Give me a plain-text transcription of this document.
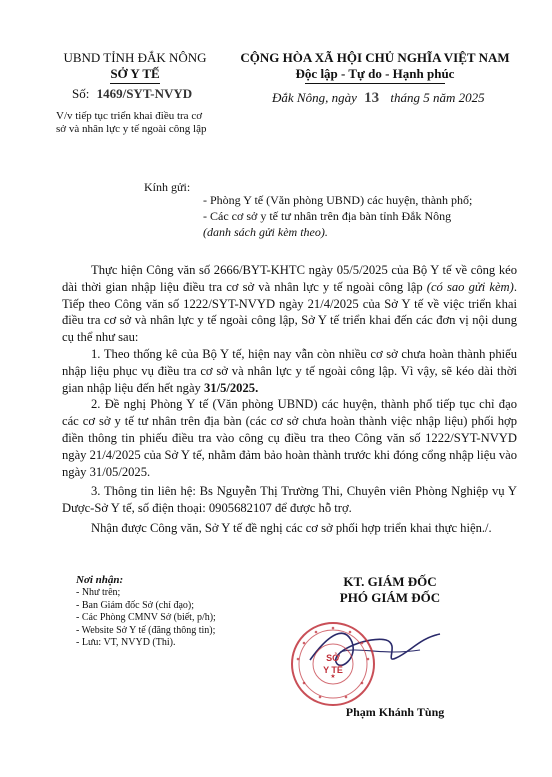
UBND TỈNH ĐẮK NÔNG
SỞ Y TẾ
Số: 1469/SYT-NVYD
V/v tiếp tục triển khai điều tra cơ
sở và nhân lực y tế ngoài công lập
CỘNG HÒA XÃ HỘI CHỦ NGHĨA VIỆT NAM
Độc lập - Tự do - Hạnh phúc
Đắk Nông, ngày 13 tháng 5 năm 2025
Kính gửi:
- Phòng Y tế (Văn phòng UBND) các huyện, thành phố;
- Các cơ sở y tế tư nhân trên địa bàn tỉnh Đắk Nông
(danh sách gửi kèm theo).

Thực hiện Công văn số 2666/BYT-KHTC ngày 05/5/2025 của Bộ Y tế về công kéo dài thời gian nhập liệu điều tra cơ sở và nhân lực y tế ngoài công lập (có sao gửi kèm). Tiếp theo Công văn số 1222/SYT-NVYD ngày 21/4/2025 của Sở Y tế về việc triển khai điều tra cơ sở và nhân lực y tế ngoài công lập, Sở Y tế triển khai đến các đơn vị nội dung cụ thể như sau:

1. Theo thống kê của Bộ Y tế, hiện nay vẫn còn nhiều cơ sở chưa hoàn thành phiếu nhập liệu phục vụ điều tra cơ sở và nhân lực y tế ngoài công lập. Vì vậy, sẽ kéo dài thời gian nhập liệu đến hết ngày 31/5/2025.

2. Đề nghị Phòng Y tế (Văn phòng UBND) các huyện, thành phố tiếp tục chỉ đạo các cơ sở y tế tư nhân trên địa bàn (các cơ sở chưa hoàn thành việc nhập liệu) phối hợp điền thông tin phiếu điều tra vào công cụ điều tra theo Công văn số 1222/SYT-NVYD ngày 21/4/2025 của Sở Y tế, nhằm đảm bảo hoàn thành trước khi đóng cổng nhập liệu vào ngày 31/05/2025.

3. Thông tin liên hệ: Bs Nguyễn Thị Trường Thi, Chuyên viên Phòng Nghiệp vụ Y Dược-Sở Y tế, số điện thoại: 0905682107 để được hỗ trợ.

Nhận được Công văn, Sở Y tế đề nghị các cơ sở phối hợp triển khai thực hiện./.

Nơi nhận:
- Như trên;
- Ban Giám đốc Sở (chỉ đạo);
- Các Phòng CMNV Sở (biết, p/h);
- Website Sở Y tế (đăng thông tin);
- Lưu: VT, NVYD (Thi).
KT. GIÁM ĐỐC
PHÓ GIÁM ĐỐC
SỞ
Y TẾ
★
Phạm Khánh Tùng
